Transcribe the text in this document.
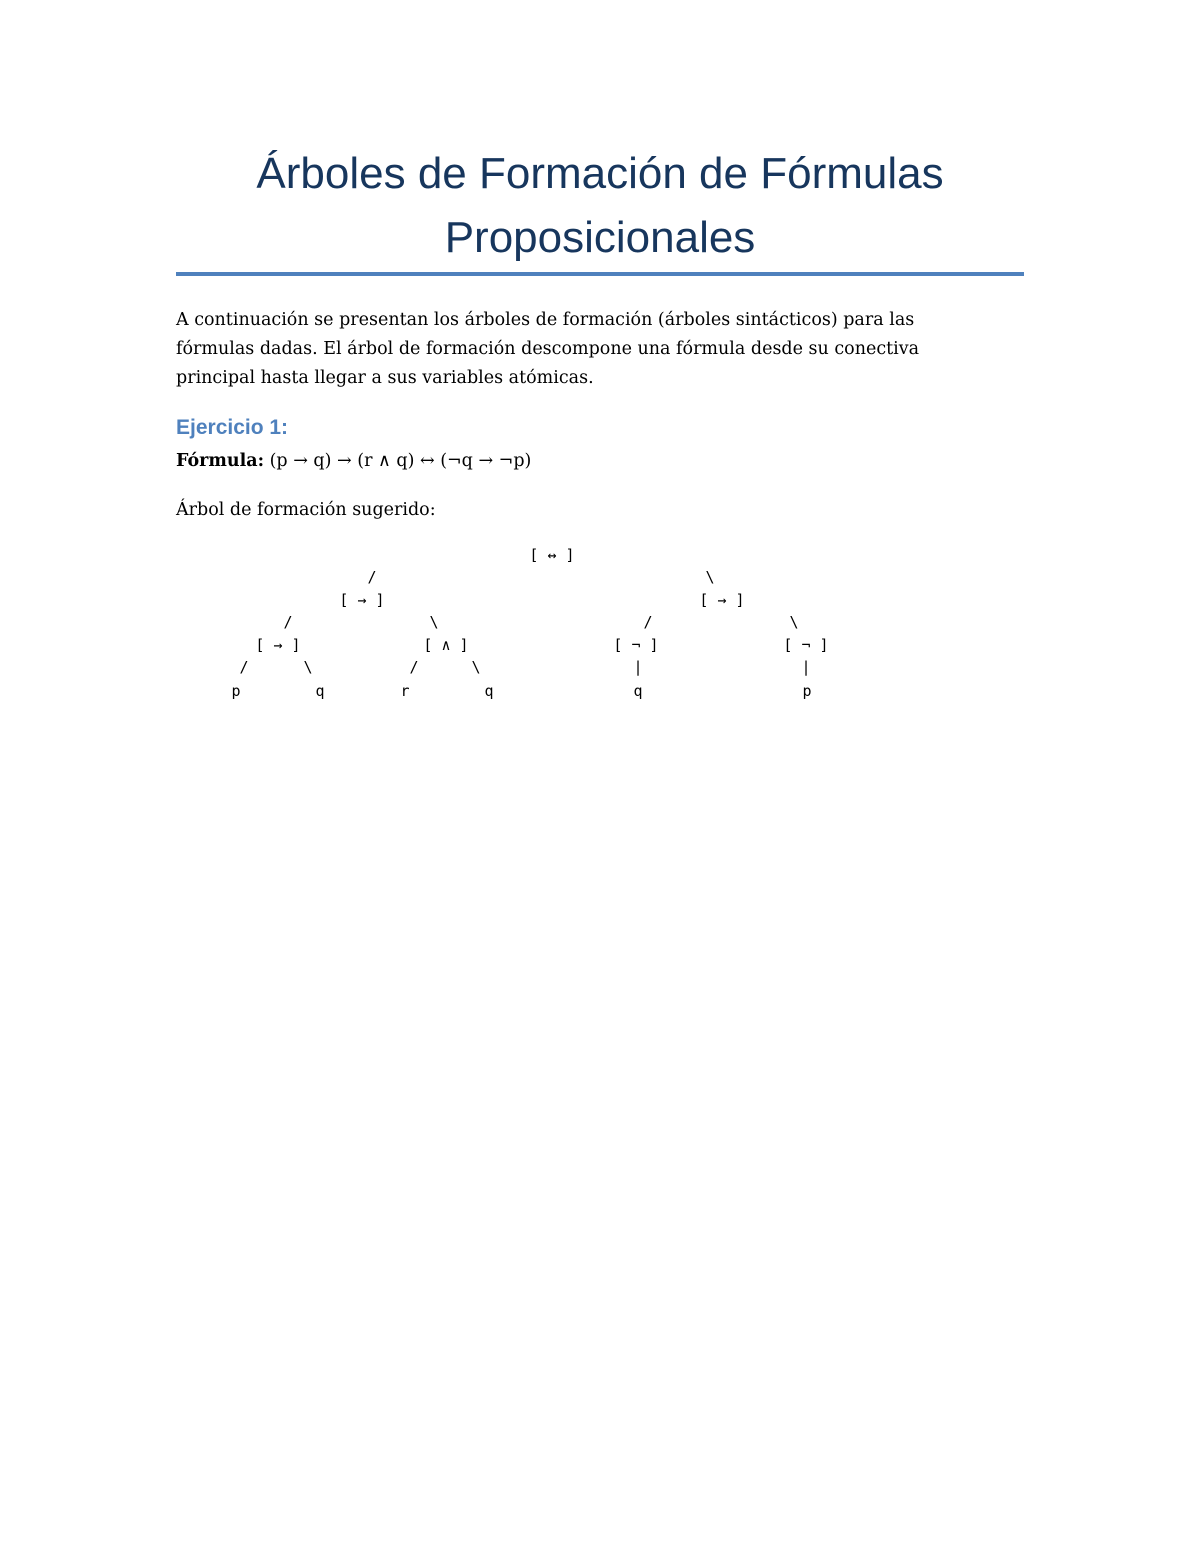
Árboles de Formación de Fórmulas Proposicionales

A continuación se presentan los árboles de formación (árboles sintácticos) para las fórmulas dadas. El árbol de formación descompone una fórmula desde su conectiva principal hasta llegar a sus variables atómicas.

Ejercicio 1:

Fórmula: (p → q) → (r ∧ q) ↔ (¬q → ¬p)

Árbol de formación sugerido:

[ ↔ ]
/	\
[ → ]	[ → ]
/	\	/	\
[ → ]	[ ∧ ]	[ ¬ ]	[ ¬ ]
/	\	/	\	|	|
p	q	r	q	q	p
